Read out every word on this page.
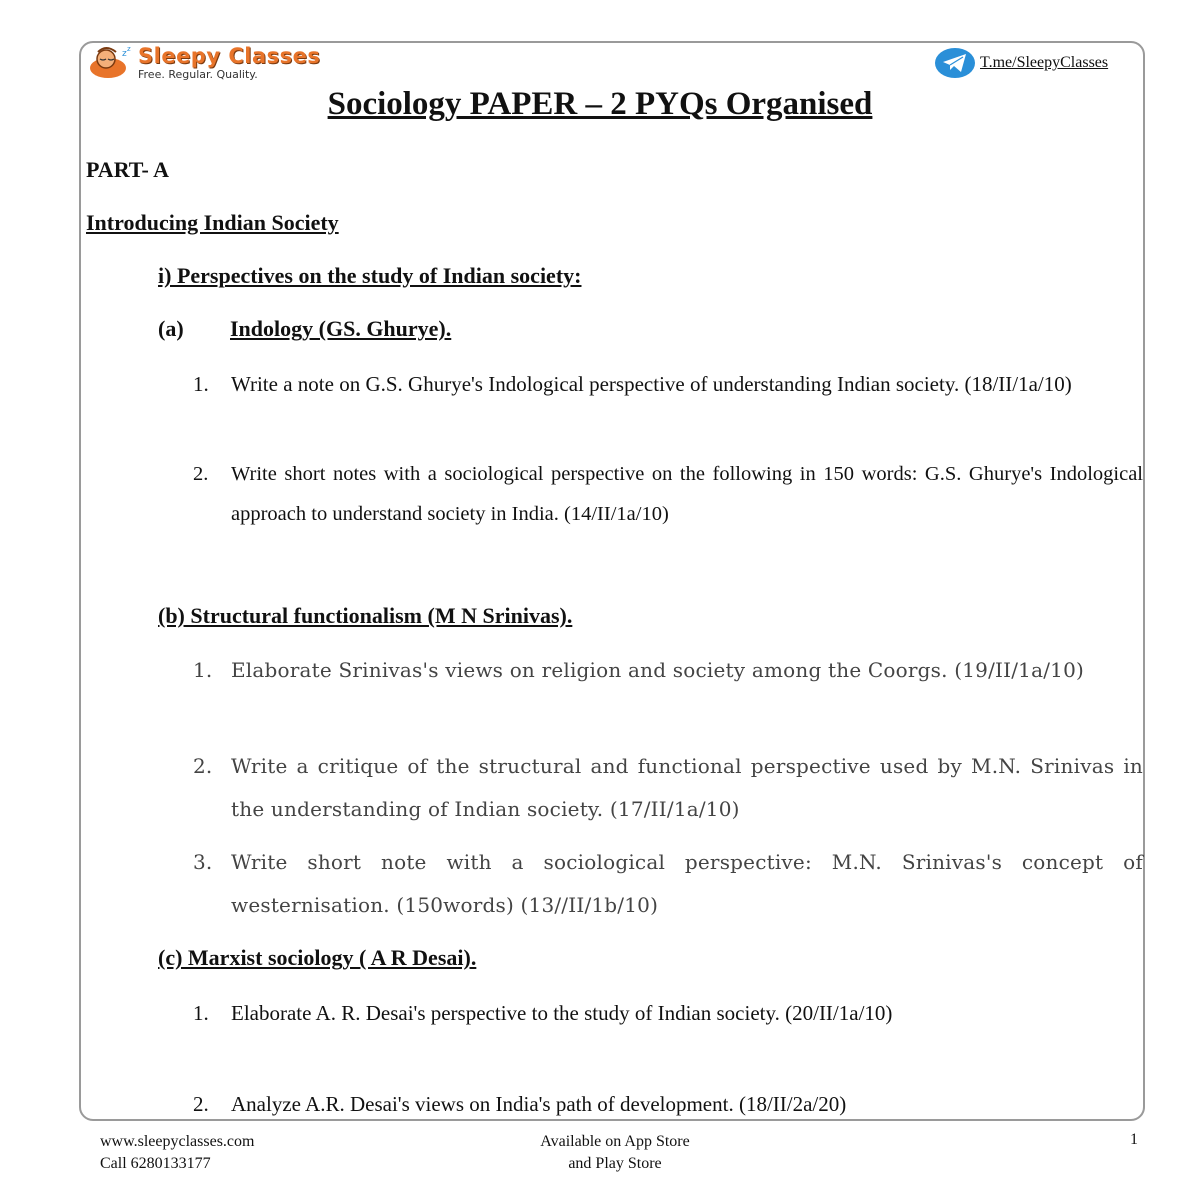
z z Sleepy Classes
Free. Regular. Quality.
T.me/SleepyClasses
Sociology PAPER – 2 PYQs Organised
PART- A
Introducing Indian Society
i) Perspectives on the study of Indian society:
(a) Indology (GS. Ghurye).
1.	Write a note on G.S. Ghurye's Indological perspective of understanding Indian society. (18/II/1a/10)
2.	Write short notes with a sociological perspective on the following in 150 words: G.S. Ghurye's Indological approach to understand society in India. (14/II/1a/10)
(b) Structural functionalism (M N Srinivas).
1. Elaborate Srinivas's views on religion and society among the Coorgs. (19/II/1a/10)
2. Write a critique of the structural and functional perspective used by M.N. Srinivas in the understanding of Indian society. (17/II/1a/10)
3. Write short note with a sociological perspective: M.N. Srinivas's concept of westernisation. (150words) (13//II/1b/10)
(c) Marxist sociology ( A R Desai).
1.	Elaborate A. R. Desai's perspective to the study of Indian society. (20/II/1a/10)
2.	Analyze A.R. Desai's views on India's path of development. (18/II/2a/20)
www.sleepyclasses.com
Call 6280133177
Available on App Store
and Play Store
1
